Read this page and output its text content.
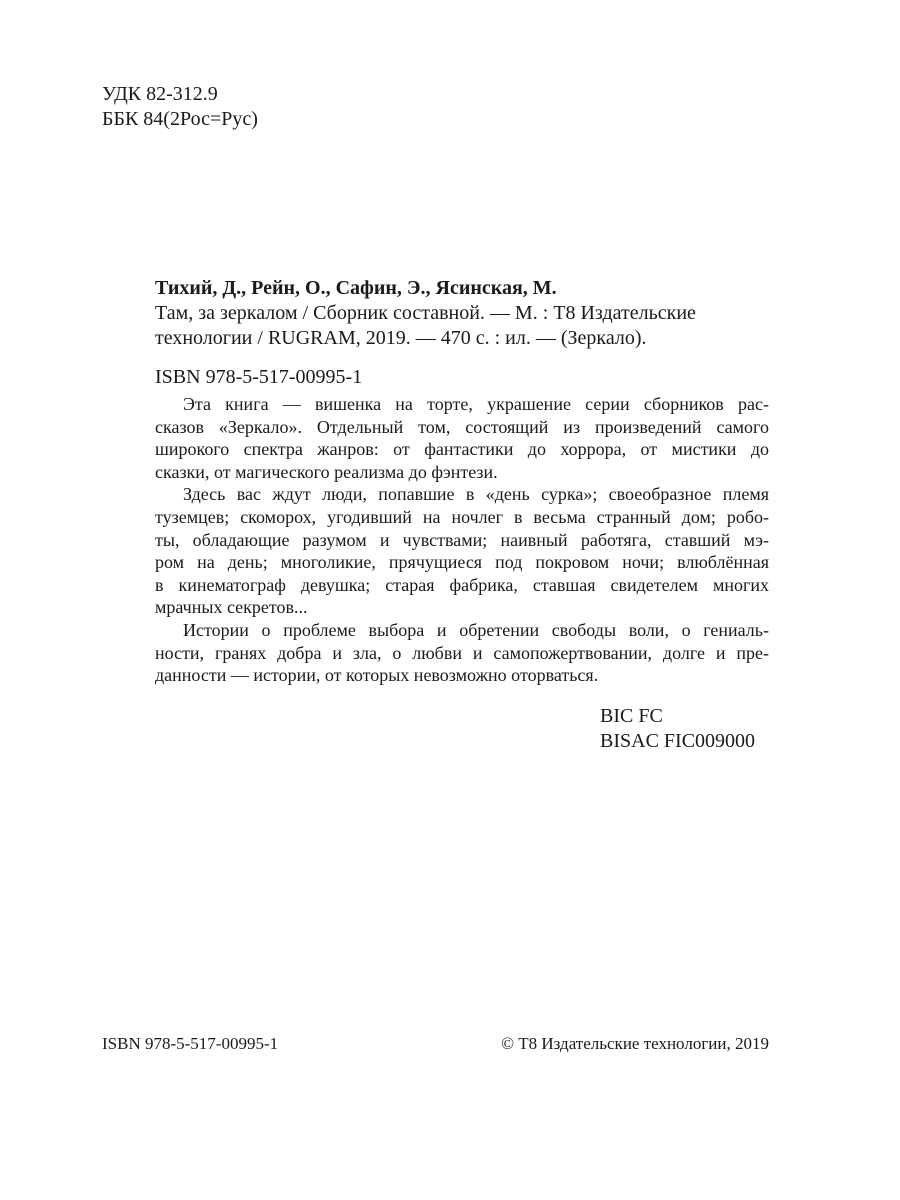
УДК 82-312.9
ББК 84(2Рос=Рус)
Тихий, Д., Рейн, О., Сафин, Э., Ясинская, М.
Там, за зеркалом / Сборник составной. — М. : Т8 Издательские
технологии / RUGRAM, 2019. — 470 с. : ил. — (Зеркало).
ISBN 978-5-517-00995-1
Эта книга — вишенка на торте, украшение серии сборников рас-
сказов «Зеркало». Отдельный том, состоящий из произведений самого
широкого спектра жанров: от фантастики до хоррора, от мистики до
сказки, от магического реализма до фэнтези.
Здесь вас ждут люди, попавшие в «день сурка»; своеобразное племя
туземцев; скоморох, угодивший на ночлег в весьма странный дом; робо-
ты, обладающие разумом и чувствами; наивный работяга, ставший мэ-
ром на день; многоликие, прячущиеся под покровом ночи; влюблённая
в кинематограф девушка; старая фабрика, ставшая свидетелем многих
мрачных секретов...
Истории о проблеме выбора и обретении свободы воли, о гениаль-
ности, гранях добра и зла, о любви и самопожертвовании, долге и пре-
данности — истории, от которых невозможно оторваться.
BIC FC
BISAC FIC009000
ISBN 978-5-517-00995-1	© Т8 Издательские технологии, 2019
